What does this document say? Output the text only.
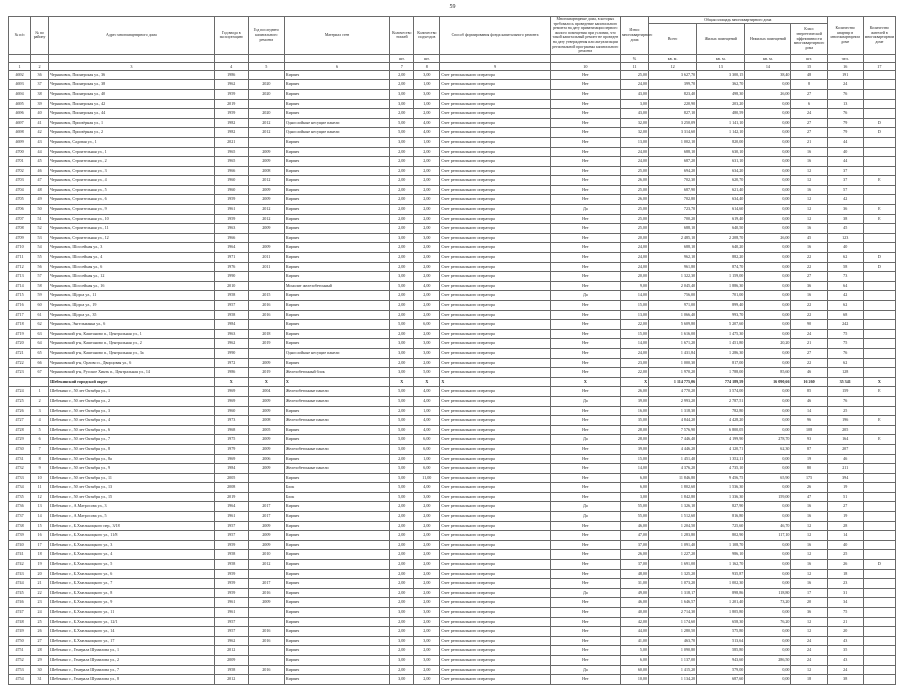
59
№ п/п	№ по району	Адрес многоквартирного дома	Год ввода в эксплуатацию	Год последнего капитального ремонта	Материал стен	Количество этажей	Количество подъездов	Способ формирования фонда капитального ремонта	Многоквартирные дома, в которых требовалось проведение капитального ремонта на дату приватизации первого жилого помещения при условии, что такой капитальный ремонт не проведен на дату утверждения или актуализации региональной программы капитального ремонта	Износ многоквартирного дома	Общая площадь многоквартирного дома				Количество квартир в многоквартирном доме	Количество жителей в многоквартирном доме
											Всего	Жилых помещений	Нежилых помещений	Класс энергетической эффективности многоквартирного дома		
						шт.	шт.			%	кв. м.	кв. м.	кв. м.	шт.	чел.	
1	2	3	4	5	6	7	8	9	10	11	12	13	14	15	16	17
4692	36	Черняховск, Пионерская ул., 36	1986		Кирпич	2,00	3,00	Счет регионального оператора	Нет	25,00	3 627,70	3 300,15	38,40	48	191	
4693	37	Черняховск, Пионерская ул., 38	1962	2020	Кирпич	2,00	1,00	Счет регионального оператора	Нет	24,00	399,70	362,70	0,00	8	24	
4694	38	Черняховск, Пионерская ул., 40	1959	2020	Кирпич	3,00	3,00	Счет регионального оператора	Нет	43,00	823,40	498,30	26,00	27	76	
4695	39	Черняховск, Пионерская ул., 42	2019		Кирпич	3,00	1,00	Счет регионального оператора	Нет	3,00	220,90	203,20	0,00	6	13	
4696	40	Черняховск, Пионерская ул., 44	1959	2020	Кирпич	2,00	2,00	Счет регионального оператора	Нет	43,00	827,10	480,59	0,00	24	76	
4697	41	Черняховск, Приозёрная ул., 1	1982	2012	Однослойные несущие панели	5,00	4,00	Счет регионального оператора	Нет	32,00	3 250,09	1 141,10	0,00	27	79	D
4698	42	Черняховск, Приозёрная ул., 2	1982	2012	Однослойные несущие панели	5,00	4,00	Счет регионального оператора	Нет	32,00	3 314,60	1 142,10	0,00	27	79	D
4699	43	Черняховск, Садовая ул., 1	2021		Кирпич	3,00	1,00	Счет регионального оператора	Нет	13,00	1 002,10	820,00	0,00	21	44	
4700	44	Черняховск, Строительная ул., 1	1965	2009	Кирпич	2,00	2,00	Счет регионального оператора	Нет	24,00	688,10	630,10	0,00	16	40	
4701	45	Черняховск, Строительная ул., 2	1965	2009	Кирпич	2,00	2,00	Счет регионального оператора	Нет	24,00	687,20	631,10	0,00	16	44	
4702	46	Черняховск, Строительная ул., 3	1966	2008	Кирпич	2,00	2,00	Счет регионального оператора	Нет	25,00	694,20	634,20	0,00	12	37	
4703	47	Черняховск, Строительная ул., 4	1960	2012	Кирпич	2,00	2,00	Счет регионального оператора	Нет	26,00	702,30	620,70	0,00	12	37	E
4704	48	Черняховск, Строительная ул., 5	1960	2009	Кирпич	2,00	2,00	Счет регионального оператора	Нет	25,00	687,90	621,40	0,00	16	57	
4705	49	Черняховск, Строительная ул., 6	1959	2009	Кирпич	2,00	2,00	Счет регионального оператора	Нет	26,00	702,80	634,40	0,00	12	42	
4706	50	Черняховск, Строительная ул., 9	1961	2012	Кирпич	2,00	2,00	Счет регионального оператора	Да	25,00	723,70	614,60	0,00	12	36	E
4707	51	Черняховск, Строительная ул., 10	1959	2012	Кирпич	2,00	2,00	Счет регионального оператора	Нет	25,00	700,20	619,40	0,00	12	38	E
4708	52	Черняховск, Строительная ул., 11	1963	2009	Кирпич	2,00	2,00	Счет регионального оператора	Нет	25,00	688,10	640,50	0,00	16	45	
4709	53	Черняховск, Строительная ул., 12	1966		Кирпич	3,00	3,00	Счет регионального оператора	Нет	20,00	2 485,10	2 208,70	26,00	45	123	
4710	54	Черняховск, Шоссейная ул., 3	1964	2009	Кирпич	2,00	2,00	Счет регионального оператора	Нет	24,00	688,10	640,20	0,00	16	40	
4711	55	Черняховск, Шоссейная ул., 4	1971	2011	Кирпич	2,00	2,00	Счет регионального оператора	Нет	24,00	962,10	882,20	0,00	22	62	D
4712	56	Черняховск, Шоссейная ул., 6	1976	2011	Кирпич	2,00	2,00	Счет регионального оператора	Нет	24,00	961,80	874,70	0,00	22	58	D
4713	57	Черняховск, Шоссейная ул., 12	1990		Кирпич	3,00	2,00	Счет регионального оператора	Нет	20,00	1 322,30	1 159,00	0,00	27	73	
4714	58	Черняховск, Шоссейная ул., 16	2010		Монолит железобетонный	5,00	4,00	Счет регионального оператора	Нет	9,00	2 045,40	1 886,30	0,00	36	64	
4715	59	Черняховск, Щорса ул., 11	1958	2015	Кирпич	2,00	2,00	Счет регионального оператора	Да	14,00	756,00	701,00	0,00	16	42	
4716	60	Черняховск, Щорса ул., 19	1957	2016	Кирпич	2,00	2,00	Счет регионального оператора	Нет	15,00	971,00	899,40	0,00	22	62	
4717	61	Черняховск, Щорса ул., 35	1958	2016	Кирпич	2,00	2,00	Счет регионального оператора	Нет	13,00	1 066,40	993,70	0,00	22	68	
4718	62	Черняховск, Энгельманна ул., 6	1984		Кирпич	5,00	6,00	Счет регионального оператора	Нет	22,00	5 609,80	5 207,60	0,00	90	242	
4719	63	Черняховский р-н, Каштаново п., Центральная ул., 1	1963	2018	Кирпич	2,00	2,00	Счет регионального оператора	Нет	15,00	1 616,00	1 475,30	0,00	24	75	
4720	64	Черняховский р-н, Каштаново п., Центральная ул., 2	1962	2019	Кирпич	3,00	3,00	Счет регионального оператора	Нет	14,00	1 671,20	1 451,80	20,20	21	75	
4721	65	Черняховский р-н, Каштаново п., Центральная ул., 3а	1990		Однослойные несущие панели	3,00	3,00	Счет регионального оператора	Нет	24,00	1 431,84	1 286,30	0,00	27	76	
4722	66	Черняховский р-н, Орлово п., Дворцовая ул., 6	1972	2009	Кирпич	2,00	2,00	Счет регионального оператора	Нет	23,00	1 000,30	817,00	0,00	22	62	
4723	67	Черняховский р-н, Русское Хинть п., Центральная ул., 14	1986	2019	Железобетонный блок	3,00	5,00	Счет регионального оператора	Нет	22,00	1 970,20	1 788,00	85,60	46	128	
		Шебекинский городской округ	X	X	X	X	X	X	X	X	1 114 775,06	774 189,59	16 090,66	16 260	35 341	X
4724	1	Шебекино г., 50 лет Октября ул., 1	1969	2004	Железобетонные панели	5,00	4,00	Счет регионального оператора	Нет	26,00	4 770,20	3 574,00	0,00	85	159	E
4725	2	Шебекино г., 50 лет Октября ул., 2	1969	2009	Железобетонные панели	5,00	4,00	Счет регионального оператора	Да	39,00	2 993,20	2 787,51	0,00	46	76	
4726	3	Шебекино г., 50 лет Октября ул., 3	1960	2009	Кирпич	2,00	1,00	Счет регионального оператора	Нет	16,00	1 318,30	782,80	0,00	14	25	
4727	4	Шебекино г., 50 лет Октября ул., 4	1973	2008	Железобетонные панели	5,00	4,00	Счет регионального оператора	Нет	35,00	4 844,20	4 428,20	0,00	96	196	E
4728	5	Шебекино г., 50 лет Октября ул., 6	1968	2005	Кирпич	5,00	4,00	Счет регионального оператора	Нет	28,00	7 576,90	6 800,05	0,00	108	205	
4729	6	Шебекино г., 50 лет Октября ул., 7	1975	2009	Кирпич	5,00	6,00	Счет регионального оператора	Да	28,00	7 446,40	4 199,90	278,70	93	164	E
4730	7	Шебекино г., 50 лет Октября ул., 8	1979	2009	Железобетонные панели	5,00	6,00	Счет регионального оператора	Нет	39,00	4 446,20	4 120,71	62,30	87	207	
4731	8	Шебекино г., 50 лет Октября ул., 8а	1969	2006	Кирпич	2,00	1,00	Счет регионального оператора	Нет	15,00	1 451,40	1 352,11	0,00	19	46	
4732	9	Шебекино г., 50 лет Октября ул., 9	1984	2009	Железобетонные панели	5,00	6,00	Счет регионального оператора	Нет	14,00	4 376,20	4 735,10	0,00	80	211	
4733	10	Шебекино г., 50 лет Октября ул., 11	2005		Кирпич	5,00	11,00	Счет регионального оператора	Нет	6,00	11 846,80	9 456,75	65,90	175	394	
4734	11	Шебекино г., 50 лет Октября ул., 13	2008		Блок	5,00	4,00	Счет регионального оператора	Нет	6,00	1 802,60	1 536,30	0,00	26	19	
4735	12	Шебекино г., 50 лет Октября ул., 15	2019		Блок	5,00	3,00	Счет регионального оператора	Нет	3,00	1 842,80	1 336,30	159,00	47	51	
4736	13	Шебекино г., А.Матросова ул., 3	1964	2017	Кирпич	2,00	2,00	Счет регионального оператора	Да	55,00	1 326,10	827,90	0,00	16	27	
4737	14	Шебекино г., А.Матросова ул., 5	1961	2017	Кирпич	2,00	2,00	Счет регионального оператора	Да	55,00	1 512,60	816,80	0,00	16	19	
4738	15	Шебекино г., Б.Хмельницкого пер., 3/18	1957	2009	Кирпич	2,00	2,00	Счет регионального оператора	Нет	46,00	1 204,50	725,60	46,70	12	28	
4739	16	Шебекино г., Б.Хмельницкого ул., 11/8	1957	2009	Кирпич	2,00	2,00	Счет регионального оператора	Нет	47,00	1 283,80	802,90	117,10	12	14	
4740	17	Шебекино г., Б.Хмельницкого ул., 3	1959	2009	Кирпич	2,00	2,00	Счет регионального оператора	Нет	37,00	1 091,40	1 108,70	0,00	16	40	
4741	18	Шебекино г., Б.Хмельницкого ул., 4	1958	2010	Кирпич	2,00	2,00	Счет регионального оператора	Нет	26,00	1 227,20	986,10	0,00	12	25	
4742	19	Шебекино г., Б.Хмельницкого ул., 5	1958	2012	Кирпич	2,00	2,00	Счет регионального оператора	Нет	37,00	1 691,00	1 162,70	0,00	16	26	D
4743	20	Шебекино г., Б.Хмельницкого ул., 6	1959		Кирпич	2,00	2,00	Счет регионального оператора	Нет	48,00	1 325,20	935,87	0,00	12	18	
4744	21	Шебекино г., Б.Хмельницкого ул., 7	1959	2017	Кирпич	2,00	2,00	Счет регионального оператора	Нет	31,00	1 073,20	1 002,30	0,00	16	23	
4745	22	Шебекино г., Б.Хмельницкого ул., 8	1959	2016	Кирпич	2,00	2,00	Счет регионального оператора	Да	49,00	1 318,17	898,86	118,80	17	31	
4746	23	Шебекино г., Б.Хмельницкого ул., 9	1961	2009	Кирпич	2,00	2,00	Счет регионального оператора	Нет	46,00	1 646,57	1 201,40	73,20	20	34	
4747	24	Шебекино г., Б.Хмельницкого ул., 11	1961		Кирпич	3,00	3,00	Счет регионального оператора	Нет	40,00	2 714,30	1 805,80	0,00	36	75	
4748	25	Шебекино г., Б.Хмельницкого ул., 12/1	1957		Кирпич	2,00	2,00	Счет регионального оператора	Нет	42,00	1 174,60	658,30	76,20	12	21	
4749	26	Шебекино г., Б.Хмельницкого ул., 14	1957	2016	Кирпич	2,00	2,00	Счет регионального оператора	Нет	44,00	1 280,50	575,80	0,00	12	20	
4750	27	Шебекино г., Б.Хмельницкого ул., 17	1962	2016	Кирпич	3,00	3,00	Счет регионального оператора	Нет	41,00	463,70	513,64	0,00	24	43	
4751	28	Шебекино г., Генерала Шумилова ул., 1	2012		Кирпич	2,00	2,00	Счет регионального оператора	Нет	5,00	1 090,80	585,80	0,00	24	35	
4752	29	Шебекино г., Генерала Шумилова ул., 2	2009		Кирпич	3,00	3,00	Счет регионального оператора	Нет	6,00	1 137,00	943,60	286,50	24	43	
4753	30	Шебекино г., Генерала Шумилова ул., 7	1958	2016	Кирпич	2,00	2,00	Счет регионального оператора	Да	60,00	1 415,20	579,00	0,00	12	24	
4754	31	Шебекино г., Генерала Шумилова ул., 8	2012		Кирпич	3,00	2,00	Счет регионального оператора	Нет	10,00	1 134,20	687,60	0,00	18	38	
